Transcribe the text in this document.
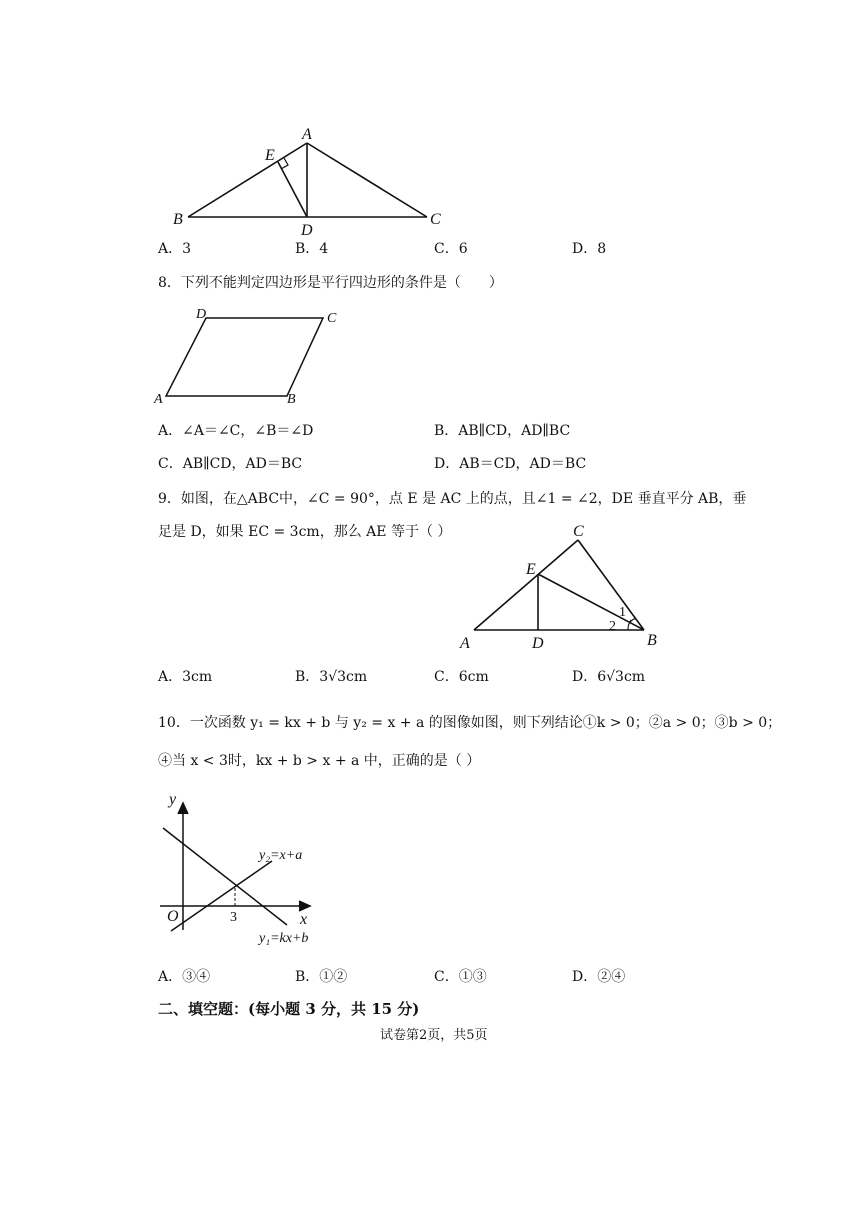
A
E
B
D
C
A．3	B．4	C．6	D．8
8．下列不能判定四边形是平行四边形的条件是（　　）
D	C
A	B
A．∠A＝∠C，∠B＝∠D	B．AB∥CD，AD∥BC
C．AB∥CD，AD＝BC	D．AB＝CD，AD＝BC
9．如图，在△ABC中，∠C = 90°，点 E 是 AC 上的点，且∠1 = ∠2，DE 垂直平分 AB，垂
足是 D，如果 EC = 3cm，那么 AE 等于（ ）	C
E
1
2
A	D	B
A．3cm	B．3√3cm	C．6cm	D．6√3cm
10．一次函数 y₁ = kx + b 与 y₂ = x + a 的图像如图，则下列结论①k > 0；②a > 0；③b > 0；
④当 x < 3时，kx + b > x + a 中，正确的是（ ）
y
x
O	3
y₂=x+a
y₁=kx+b
A．③④	B．①②	C．①③	D．②④
二、填空题：(每小题 3 分，共 15 分)
试卷第2页，共5页
